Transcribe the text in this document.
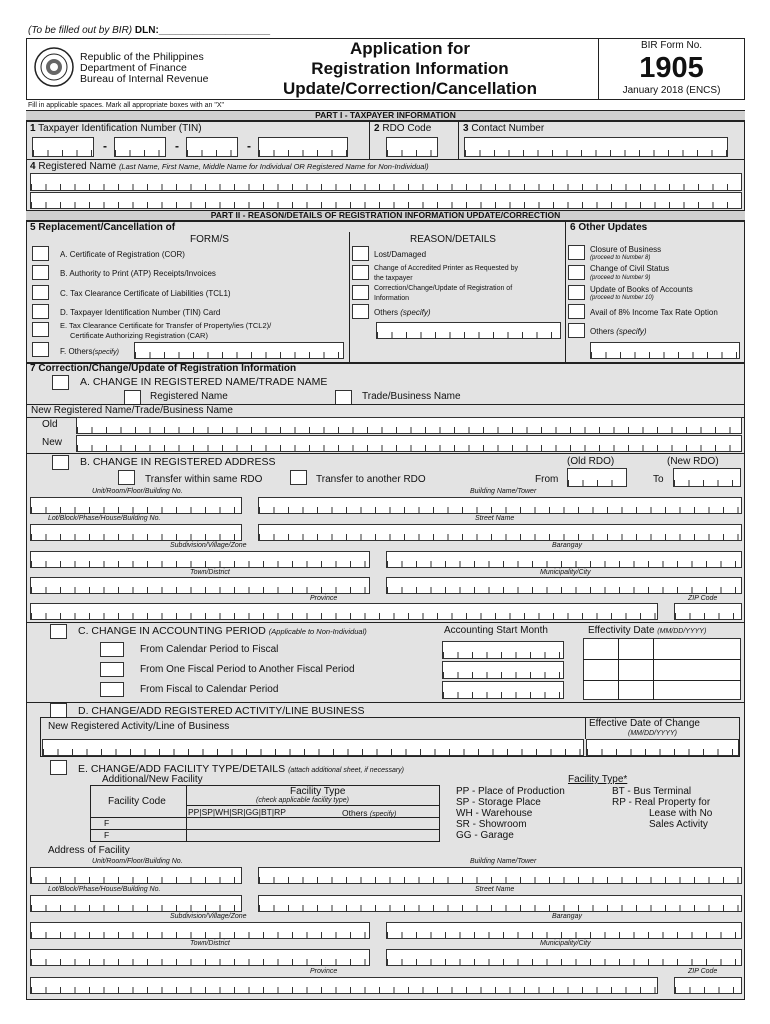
(To be filled out by BIR) DLN:____________________
Republic of the Philippines
Department of Finance
Bureau of Internal Revenue
Application for
Registration Information
Update/Correction/Cancellation
BIR Form No.
1905
January 2018 (ENCS)
Fill in applicable spaces. Mark all appropriate boxes with an "X"
PART I - TAXPAYER INFORMATION
1 Taxpayer Identification Number (TIN)	2 RDO Code	3 Contact Number
-	-	-
4 Registered Name (Last Name, First Name, Middle Name for Individual OR Registered Name for Non-Individual)
PART II - REASON/DETAILS OF REGISTRATION INFORMATION UPDATE/CORRECTION
5 Replacement/Cancellation of
FORM/S	REASON/DETAILS
6 Other Updates
A. Certificate of Registration (COR)
B. Authority to Print (ATP) Receipts/Invoices
C. Tax Clearance Certificate of Liabilities (TCL1)
D. Taxpayer Identification Number (TIN) Card
E. Tax Clearance Certificate for Transfer of Property/ies (TCL2)/
Certificate Authorizing Registration (CAR)
F. Others(specify)
Lost/Damaged
Change of Accredited Printer as Requested by
the taxpayer
Correction/Change/Update of Registration of
Information
Others (specify)
Closure of Business
(proceed to Number 8)
Change of Civil Status
(proceed to Number 9)
Update of Books of Accounts
(proceed to Number 10)
Avail of 8% Income Tax Rate Option
Others (specify)
7 Correction/Change/Update of Registration Information
A. CHANGE IN REGISTERED NAME/TRADE NAME
Registered Name	Trade/Business Name
New Registered Name/Trade/Business Name
Old
New
B. CHANGE IN REGISTERED ADDRESS	(Old RDO)	(New RDO)
Transfer within same RDO	Transfer to another RDO	From	To
Unit/Room/Floor/Building No.	Building Name/Tower
Lot/Block/Phase/House/Building No.	Street Name
Subdivision/Village/Zone	Barangay
Town/District	Municipality/City
Province	ZIP Code
C. CHANGE IN ACCOUNTING PERIOD (Applicable to Non-Individual)	Accounting Start Month	Effectivity Date (MM/DD/YYYY)
From Calendar Period to Fiscal
From One Fiscal Period to Another Fiscal Period
From Fiscal to Calendar Period
D. CHANGE/ADD REGISTERED ACTIVITY/LINE BUSINESS
New Registered Activity/Line of Business	Effective Date of Change
(MM/DD/YYYY)
E. CHANGE/ADD FACILITY TYPE/DETAILS (attach additional sheet, if necessary)
Additional/New Facility
Facility Code
Facility Type
(check applicable facility type)
PP|SP|WH|SR|GG|BT|RP	Others (specify)
F
F
Facility Type*
PP - Place of Production
SP - Storage Place
WH - Warehouse
SR - Showroom
GG - Garage
BT - Bus Terminal
RP - Real Property for
Lease with No
Sales Activity
Address of Facility
Unit/Room/Floor/Building No.	Building Name/Tower
Lot/Block/Phase/House/Building No.	Street Name
Subdivision/Village/Zone	Barangay
Town/District	Municipality/City
Province	ZIP Code
